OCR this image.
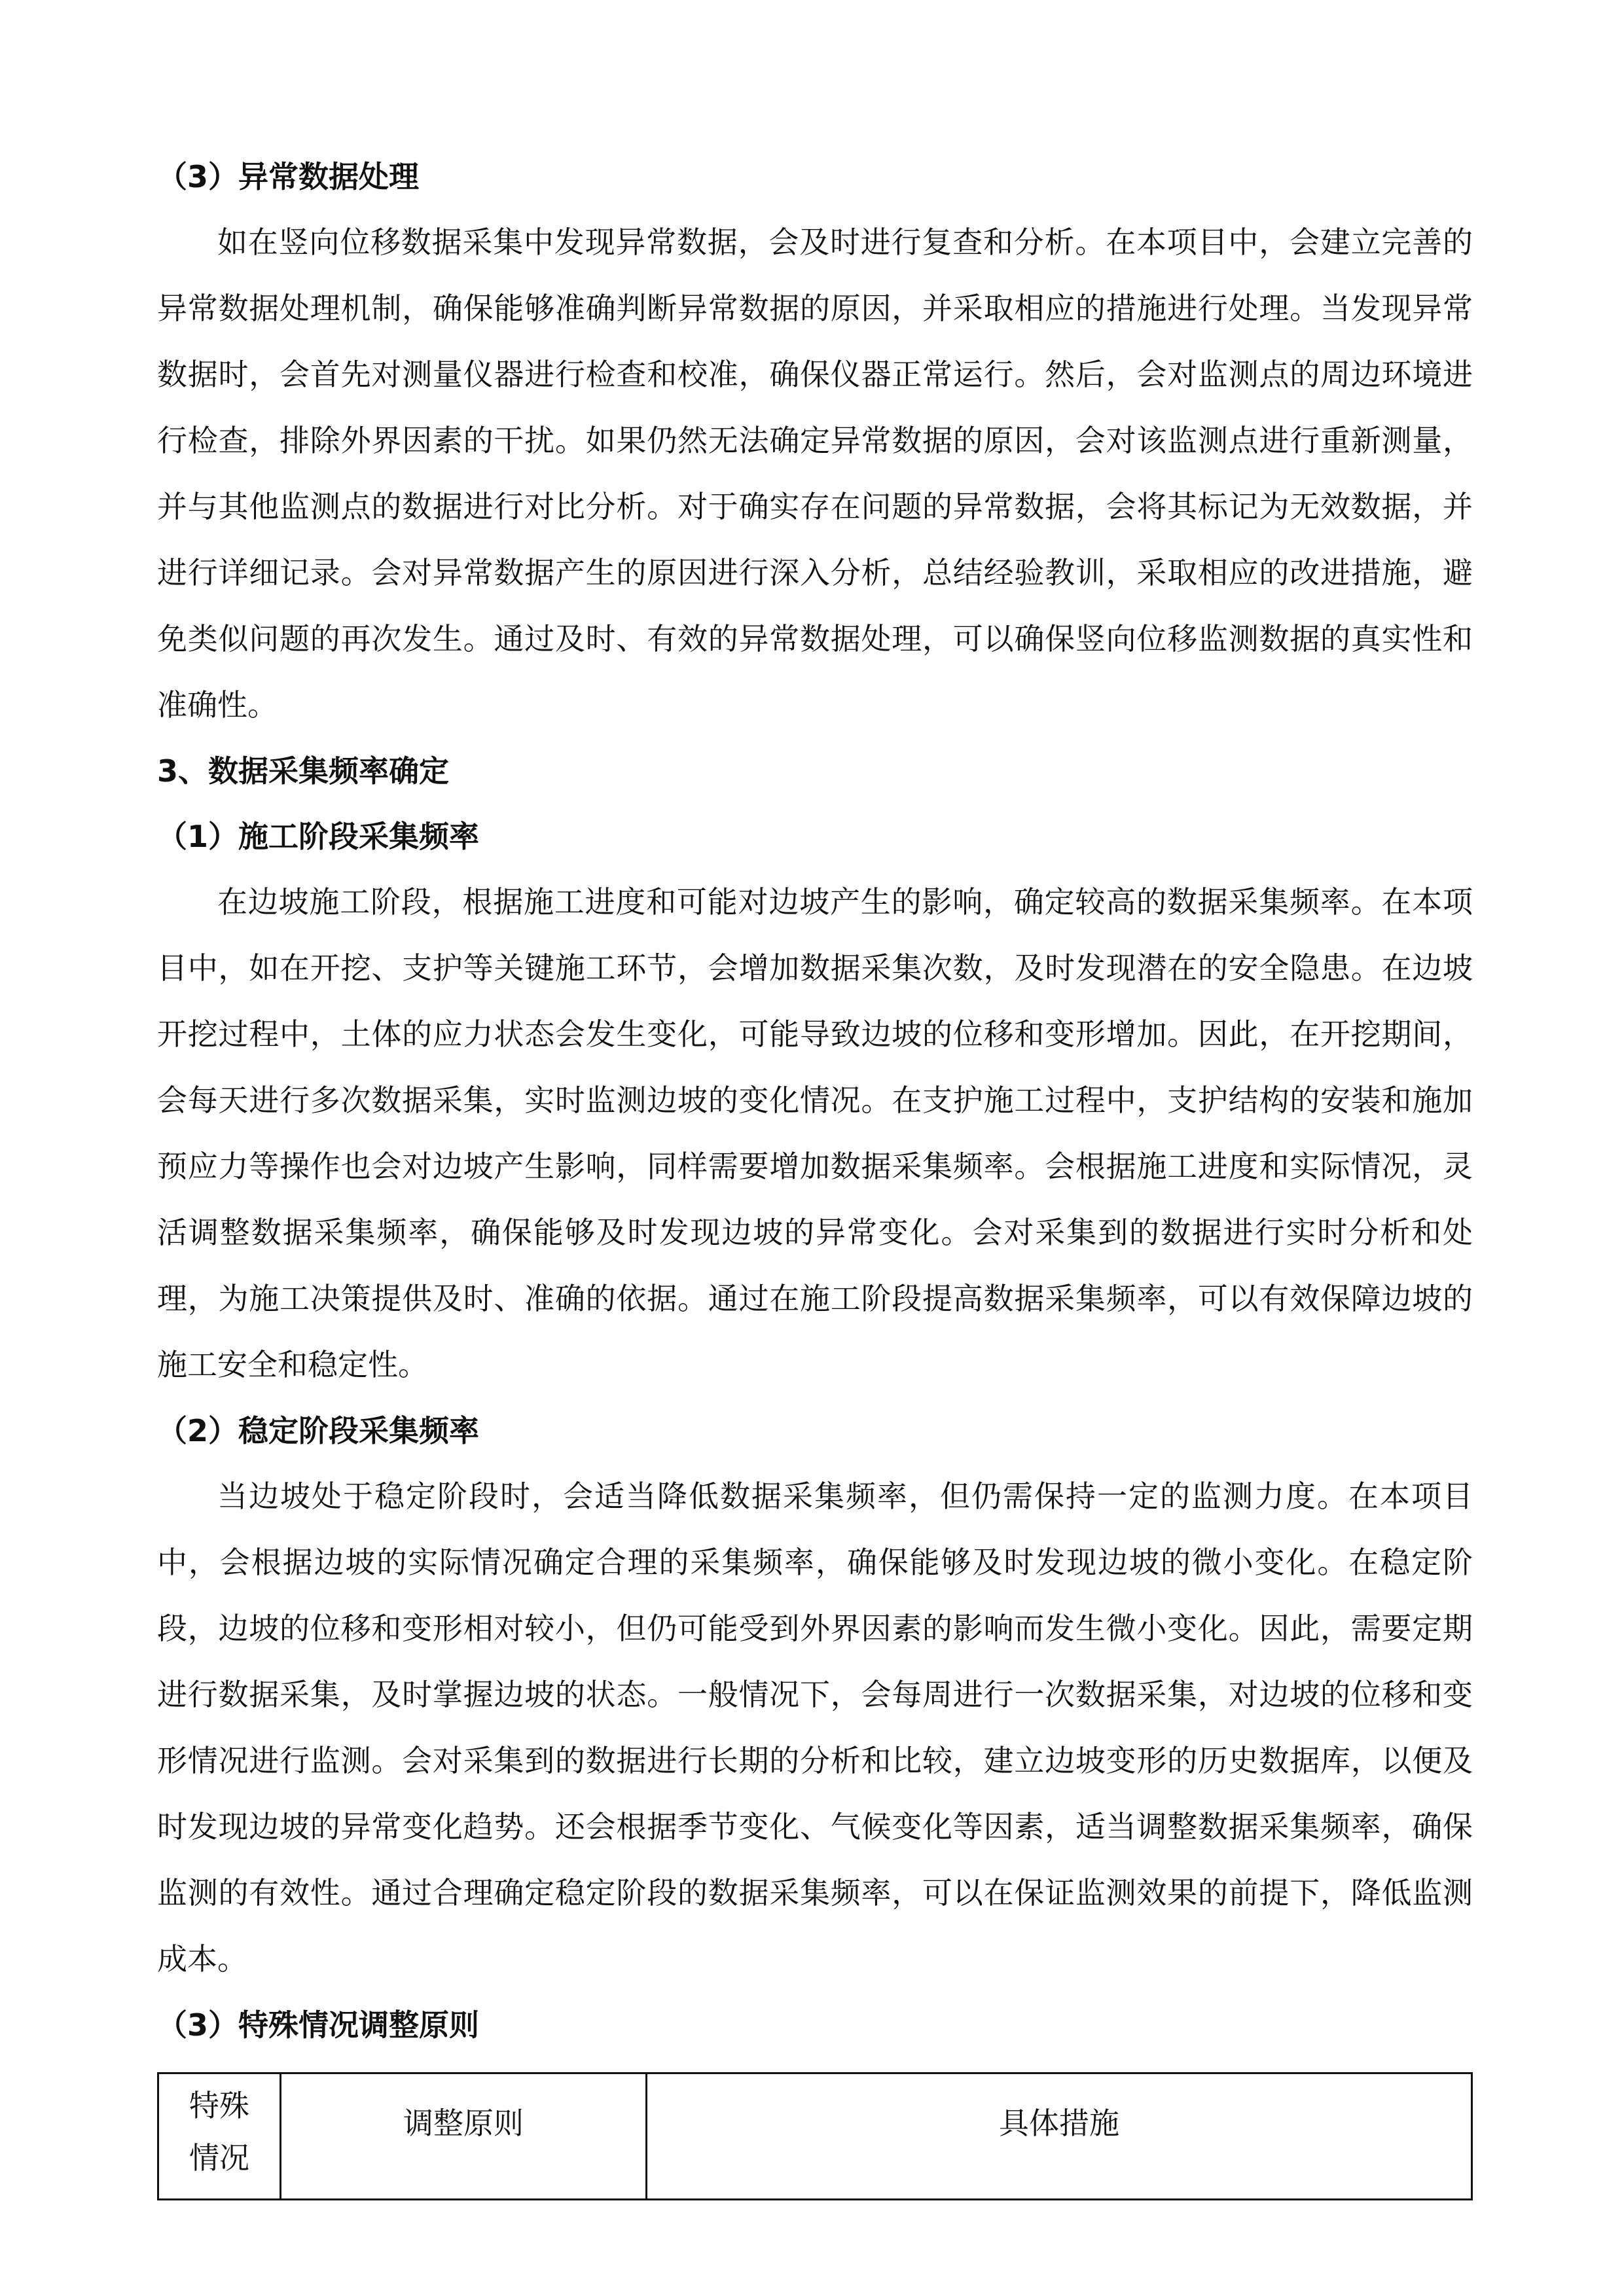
（3）异常数据处理

如在竖向位移数据采集中发现异常数据，会及时进行复查和分析。在本项目中，会建立完善的异常数据处理机制，确保能够准确判断异常数据的原因，并采取相应的措施进行处理。当发现异常数据时，会首先对测量仪器进行检查和校准，确保仪器正常运行。然后，会对监测点的周边环境进行检查，排除外界因素的干扰。如果仍然无法确定异常数据的原因，会对该监测点进行重新测量，并与其他监测点的数据进行对比分析。对于确实存在问题的异常数据，会将其标记为无效数据，并进行详细记录。会对异常数据产生的原因进行深入分析，总结经验教训，采取相应的改进措施，避免类似问题的再次发生。通过及时、有效的异常数据处理，可以确保竖向位移监测数据的真实性和准确性。

3、数据采集频率确定
（1）施工阶段采集频率

在边坡施工阶段，根据施工进度和可能对边坡产生的影响，确定较高的数据采集频率。在本项目中，如在开挖、支护等关键施工环节，会增加数据采集次数，及时发现潜在的安全隐患。在边坡开挖过程中，土体的应力状态会发生变化，可能导致边坡的位移和变形增加。因此，在开挖期间，会每天进行多次数据采集，实时监测边坡的变化情况。在支护施工过程中，支护结构的安装和施加预应力等操作也会对边坡产生影响，同样需要增加数据采集频率。会根据施工进度和实际情况，灵活调整数据采集频率，确保能够及时发现边坡的异常变化。会对采集到的数据进行实时分析和处理，为施工决策提供及时、准确的依据。通过在施工阶段提高数据采集频率，可以有效保障边坡的施工安全和稳定性。

（2）稳定阶段采集频率

当边坡处于稳定阶段时，会适当降低数据采集频率，但仍需保持一定的监测力度。在本项目中，会根据边坡的实际情况确定合理的采集频率，确保能够及时发现边坡的微小变化。在稳定阶段，边坡的位移和变形相对较小，但仍可能受到外界因素的影响而发生微小变化。因此，需要定期进行数据采集，及时掌握边坡的状态。一般情况下，会每周进行一次数据采集，对边坡的位移和变形情况进行监测。会对采集到的数据进行长期的分析和比较，建立边坡变形的历史数据库，以便及时发现边坡的异常变化趋势。还会根据季节变化、气候变化等因素，适当调整数据采集频率，确保监测的有效性。通过合理确定稳定阶段的数据采集频率，可以在保证监测效果的前提下，降低监测成本。

（3）特殊情况调整原则
特殊
情况	调整原则	具体措施
